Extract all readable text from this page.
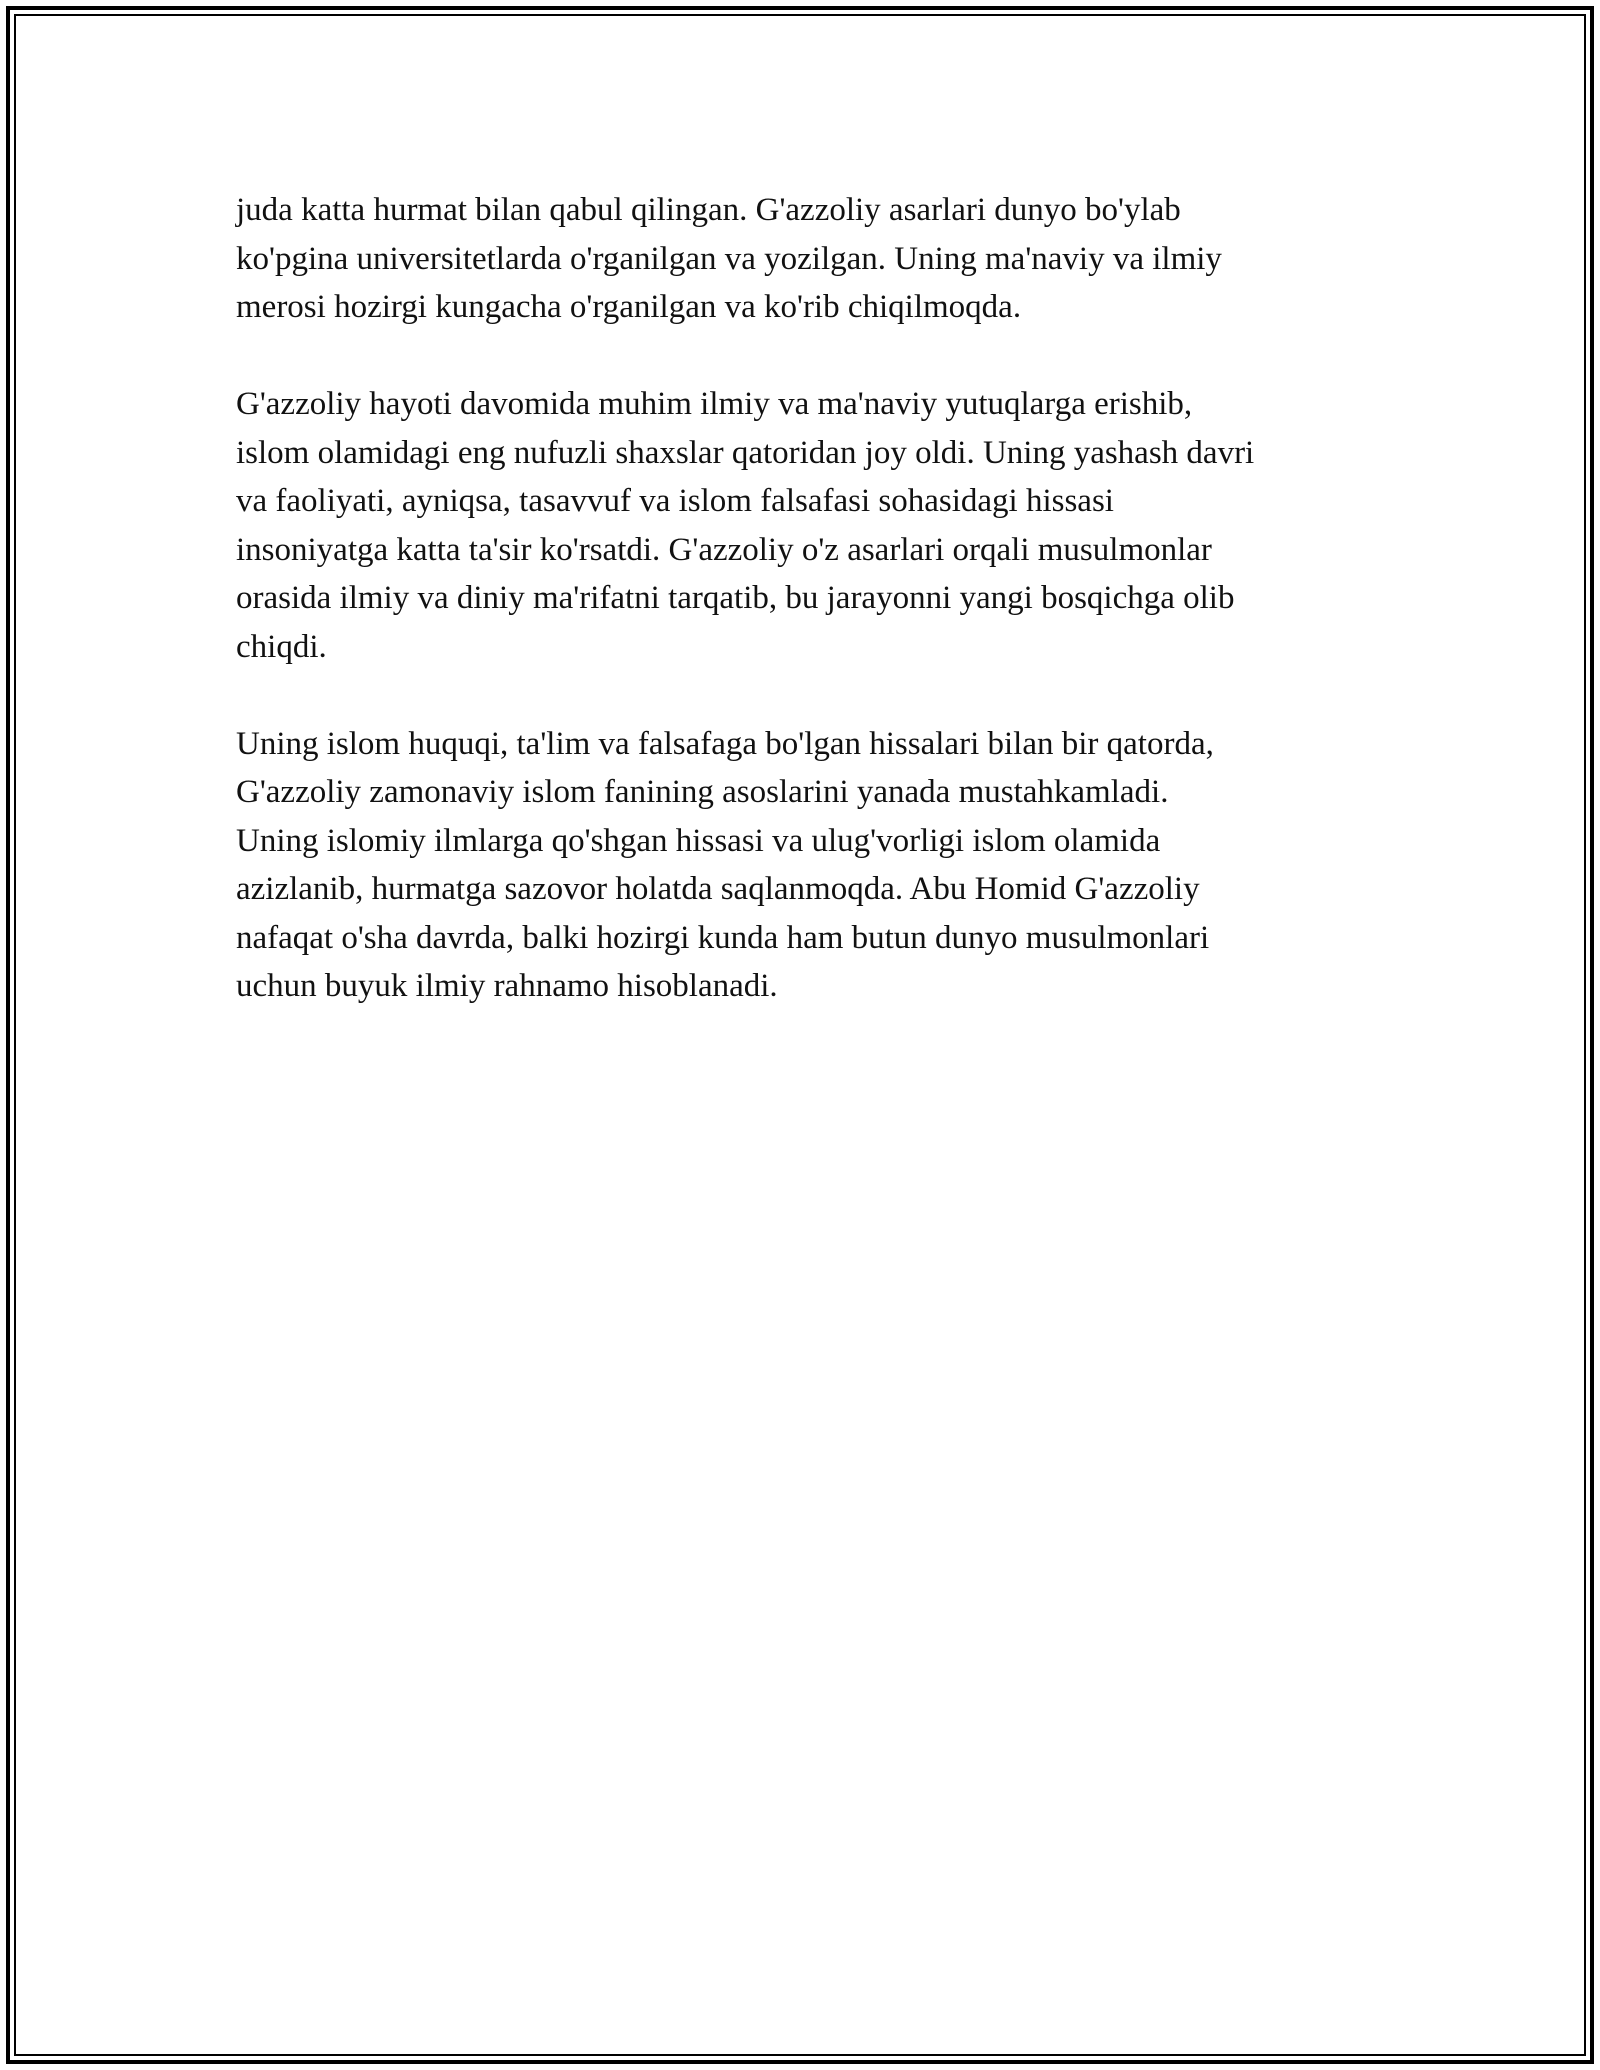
juda katta hurmat bilan qabul qilingan. G'azzoliy asarlari dunyo bo'ylab
ko'pgina universitetlarda o'rganilgan va yozilgan. Uning ma'naviy va ilmiy
merosi hozirgi kungacha o'rganilgan va ko'rib chiqilmoqda.

G'azzoliy hayoti davomida muhim ilmiy va ma'naviy yutuqlarga erishib,
islom olamidagi eng nufuzli shaxslar qatoridan joy oldi. Uning yashash davri
va faoliyati, ayniqsa, tasavvuf va islom falsafasi sohasidagi hissasi
insoniyatga katta ta'sir ko'rsatdi. G'azzoliy o'z asarlari orqali musulmonlar
orasida ilmiy va diniy ma'rifatni tarqatib, bu jarayonni yangi bosqichga olib
chiqdi.

Uning islom huquqi, ta'lim va falsafaga bo'lgan hissalari bilan bir qatorda,
G'azzoliy zamonaviy islom fanining asoslarini yanada mustahkamladi.
Uning islomiy ilmlarga qo'shgan hissasi va ulug'vorligi islom olamida
azizlanib, hurmatga sazovor holatda saqlanmoqda. Abu Homid G'azzoliy
nafaqat o'sha davrda, balki hozirgi kunda ham butun dunyo musulmonlari
uchun buyuk ilmiy rahnamo hisoblanadi.
